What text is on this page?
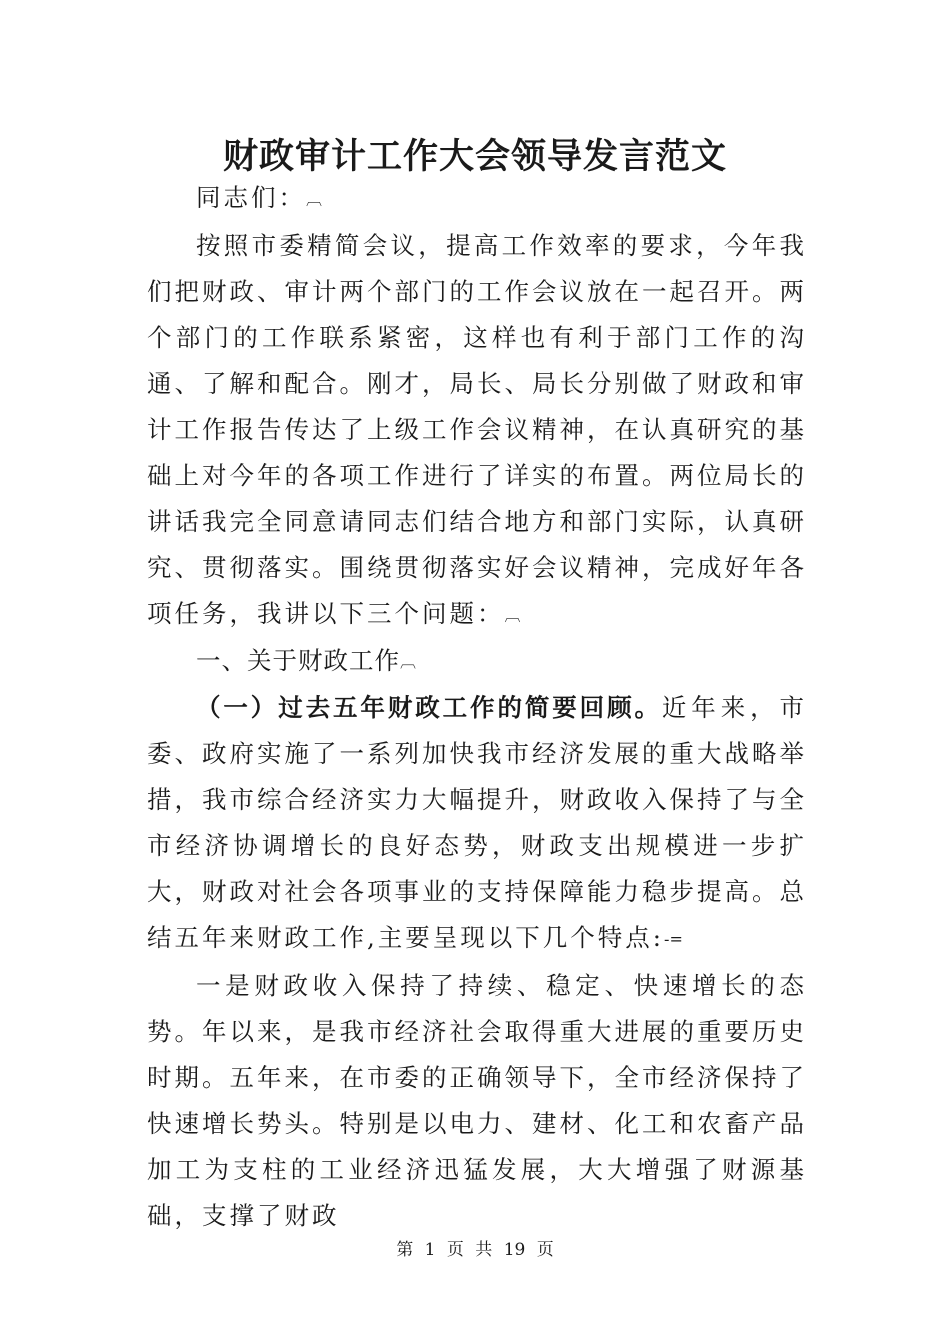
财政审计工作大会领导发言范文

同志们：︹

按照市委精简会议，提高工作效率的要求，今年我们把财政、审计两个部门的工作会议放在一起召开。两个部门的工作联系紧密，这样也有利于部门工作的沟通、了解和配合。刚才，局长、局长分别做了财政和审计工作报告传达了上级工作会议精神，在认真研究的基础上对今年的各项工作进行了详实的布置。两位局长的讲话我完全同意请同志们结合地方和部门实际，认真研究、贯彻落实。围绕贯彻落实好会议精神，完成好年各项任务，我讲以下三个问题：︹

一、关于财政工作︹

（一）过去五年财政工作的简要回顾。近年来，市委、政府实施了一系列加快我市经济发展的重大战略举措，我市综合经济实力大幅提升，财政收入保持了与全市经济协调增长的良好态势，财政支出规模进一步扩大，财政对社会各项事业的支持保障能力稳步提高。总结五年来财政工作,主要呈现以下几个特点:-=

一是财政收入保持了持续、稳定、快速增长的态势。年以来，是我市经济社会取得重大进展的重要历史时期。五年来，在市委的正确领导下，全市经济保持了快速增长势头。特别是以电力、建材、化工和农畜产品加工为支柱的工业经济迅猛发展，大大增强了财源基础，支撑了财政

第 1 页 共 19 页
